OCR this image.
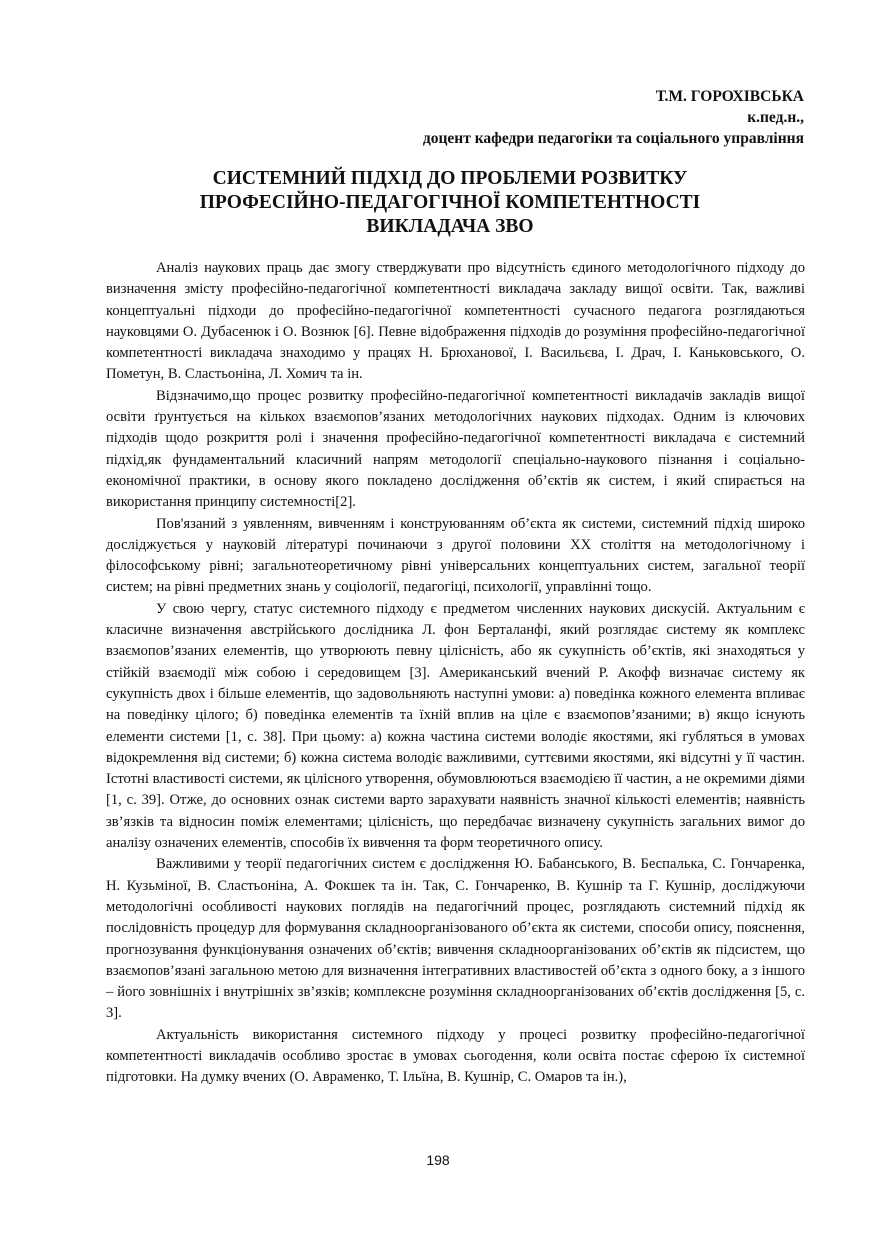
Т.М. ГОРОХІВСЬКА
к.пед.н.,
доцент кафедри педагогіки та соціального управління
СИСТЕМНИЙ ПІДХІД ДО ПРОБЛЕМИ РОЗВИТКУ
ПРОФЕСІЙНО-ПЕДАГОГІЧНОЇ КОМПЕТЕНТНОСТІ
ВИКЛАДАЧА ЗВО

Аналіз наукових праць дає змогу стверджувати про відсутність єдиного методологічного підходу до визначення змісту професійно-педагогічної компетентності викладача закладу вищої освіти. Так, важливі концептуальні підходи до професійно-педагогічної компетентності сучасного педагога розглядаються науковцями О. Дубасенюк і О. Вознюк [6]. Певне відображення підходів до розуміння професійно-педагогічної компетентності викладача знаходимо у працях Н. Брюханової, І. Васильєва, І. Драч, І. Каньковського, О. Пометун, В. Сластьоніна, Л. Хомич та ін.

Відзначимо,що процес розвитку професійно-педагогічної компетентності викладачів закладів вищої освіти ґрунтується на кількох взаємопов’язаних методологічних наукових підходах. Одним із ключових підходів щодо розкриття ролі і значення професійно-педагогічної компетентності викладача є системний підхід,як фундаментальний класичний напрям методології спеціально-наукового пізнання і соціально-економічної практики, в основу якого покладено дослідження об’єктів як систем, і який спирається на використання принципу системності[2].

Пов'язаний з уявленням, вивченням і конструюванням об’єкта як системи, системний підхід широко досліджується у науковій літературі починаючи з другої половини ХХ століття на методологічному і філософському рівні; загальнотеоретичному рівні універсальних концептуальних систем, загальної теорії систем; на рівні предметних знань у соціології, педагогіці, психології, управлінні тощо.

У свою чергу, статус системного підходу є предметом численних наукових дискусій. Актуальним є класичне визначення австрійського дослідника Л. фон Берталанфі, який розглядає систему як комплекс взаємопов’язаних елементів, що утворюють певну цілісність, або як сукупність об’єктів, які знаходяться у стійкій взаємодії між собою і середовищем [3]. Американський вчений Р. Акофф визначає систему як сукупність двох і більше елементів, що задовольняють наступні умови: а) поведінка кожного елемента впливає на поведінку цілого; б) поведінка елементів та їхній вплив на ціле є взаємопов’язаними; в) якщо існують елементи системи [1, с. 38]. При цьому: а) кожна частина системи володіє якостями, які губляться в умовах відокремлення від системи; б) кожна система володіє важливими, суттєвими якостями, які відсутні у її частин. Істотні властивості системи, як цілісного утворення, обумовлюються взаємодією її частин, а не окремими діями [1, с. 39]. Отже, до основних ознак системи варто зарахувати наявність значної кількості елементів; наявність зв’язків та відносин поміж елементами; цілісність, що передбачає визначену сукупність загальних вимог до аналізу означених елементів, способів їх вивчення та форм теоретичного опису.

Важливими у теорії педагогічних систем є дослідження Ю. Бабанського, В. Беспалька, С. Гончаренка, Н. Кузьміної, В. Сластьоніна, А. Фокшек та ін. Так, С. Гончаренко, В. Кушнір та Г. Кушнір, досліджуючи методологічні особливості наукових поглядів на педагогічний процес, розглядають системний підхід як послідовність процедур для формування складноорганізованого об’єкта як системи, способи опису, пояснення, прогнозування функціонування означених об’єктів; вивчення складноорганізованих об’єктів як підсистем, що взаємопов’язані загальною метою для визначення інтегративних властивостей об’єкта з одного боку, а з іншого – його зовнішніх і внутрішніх зв’язків; комплексне розуміння складноорганізованих об’єктів дослідження [5, с. 3].

Актуальність використання системного підходу у процесі розвитку професійно-педагогічної компетентності викладачів особливо зростає в умовах сьогодення, коли освіта постає сферою їх системної підготовки. На думку вчених (О. Авраменко, Т. Ільїна, В. Кушнір, С. Омаров та ін.),

198
